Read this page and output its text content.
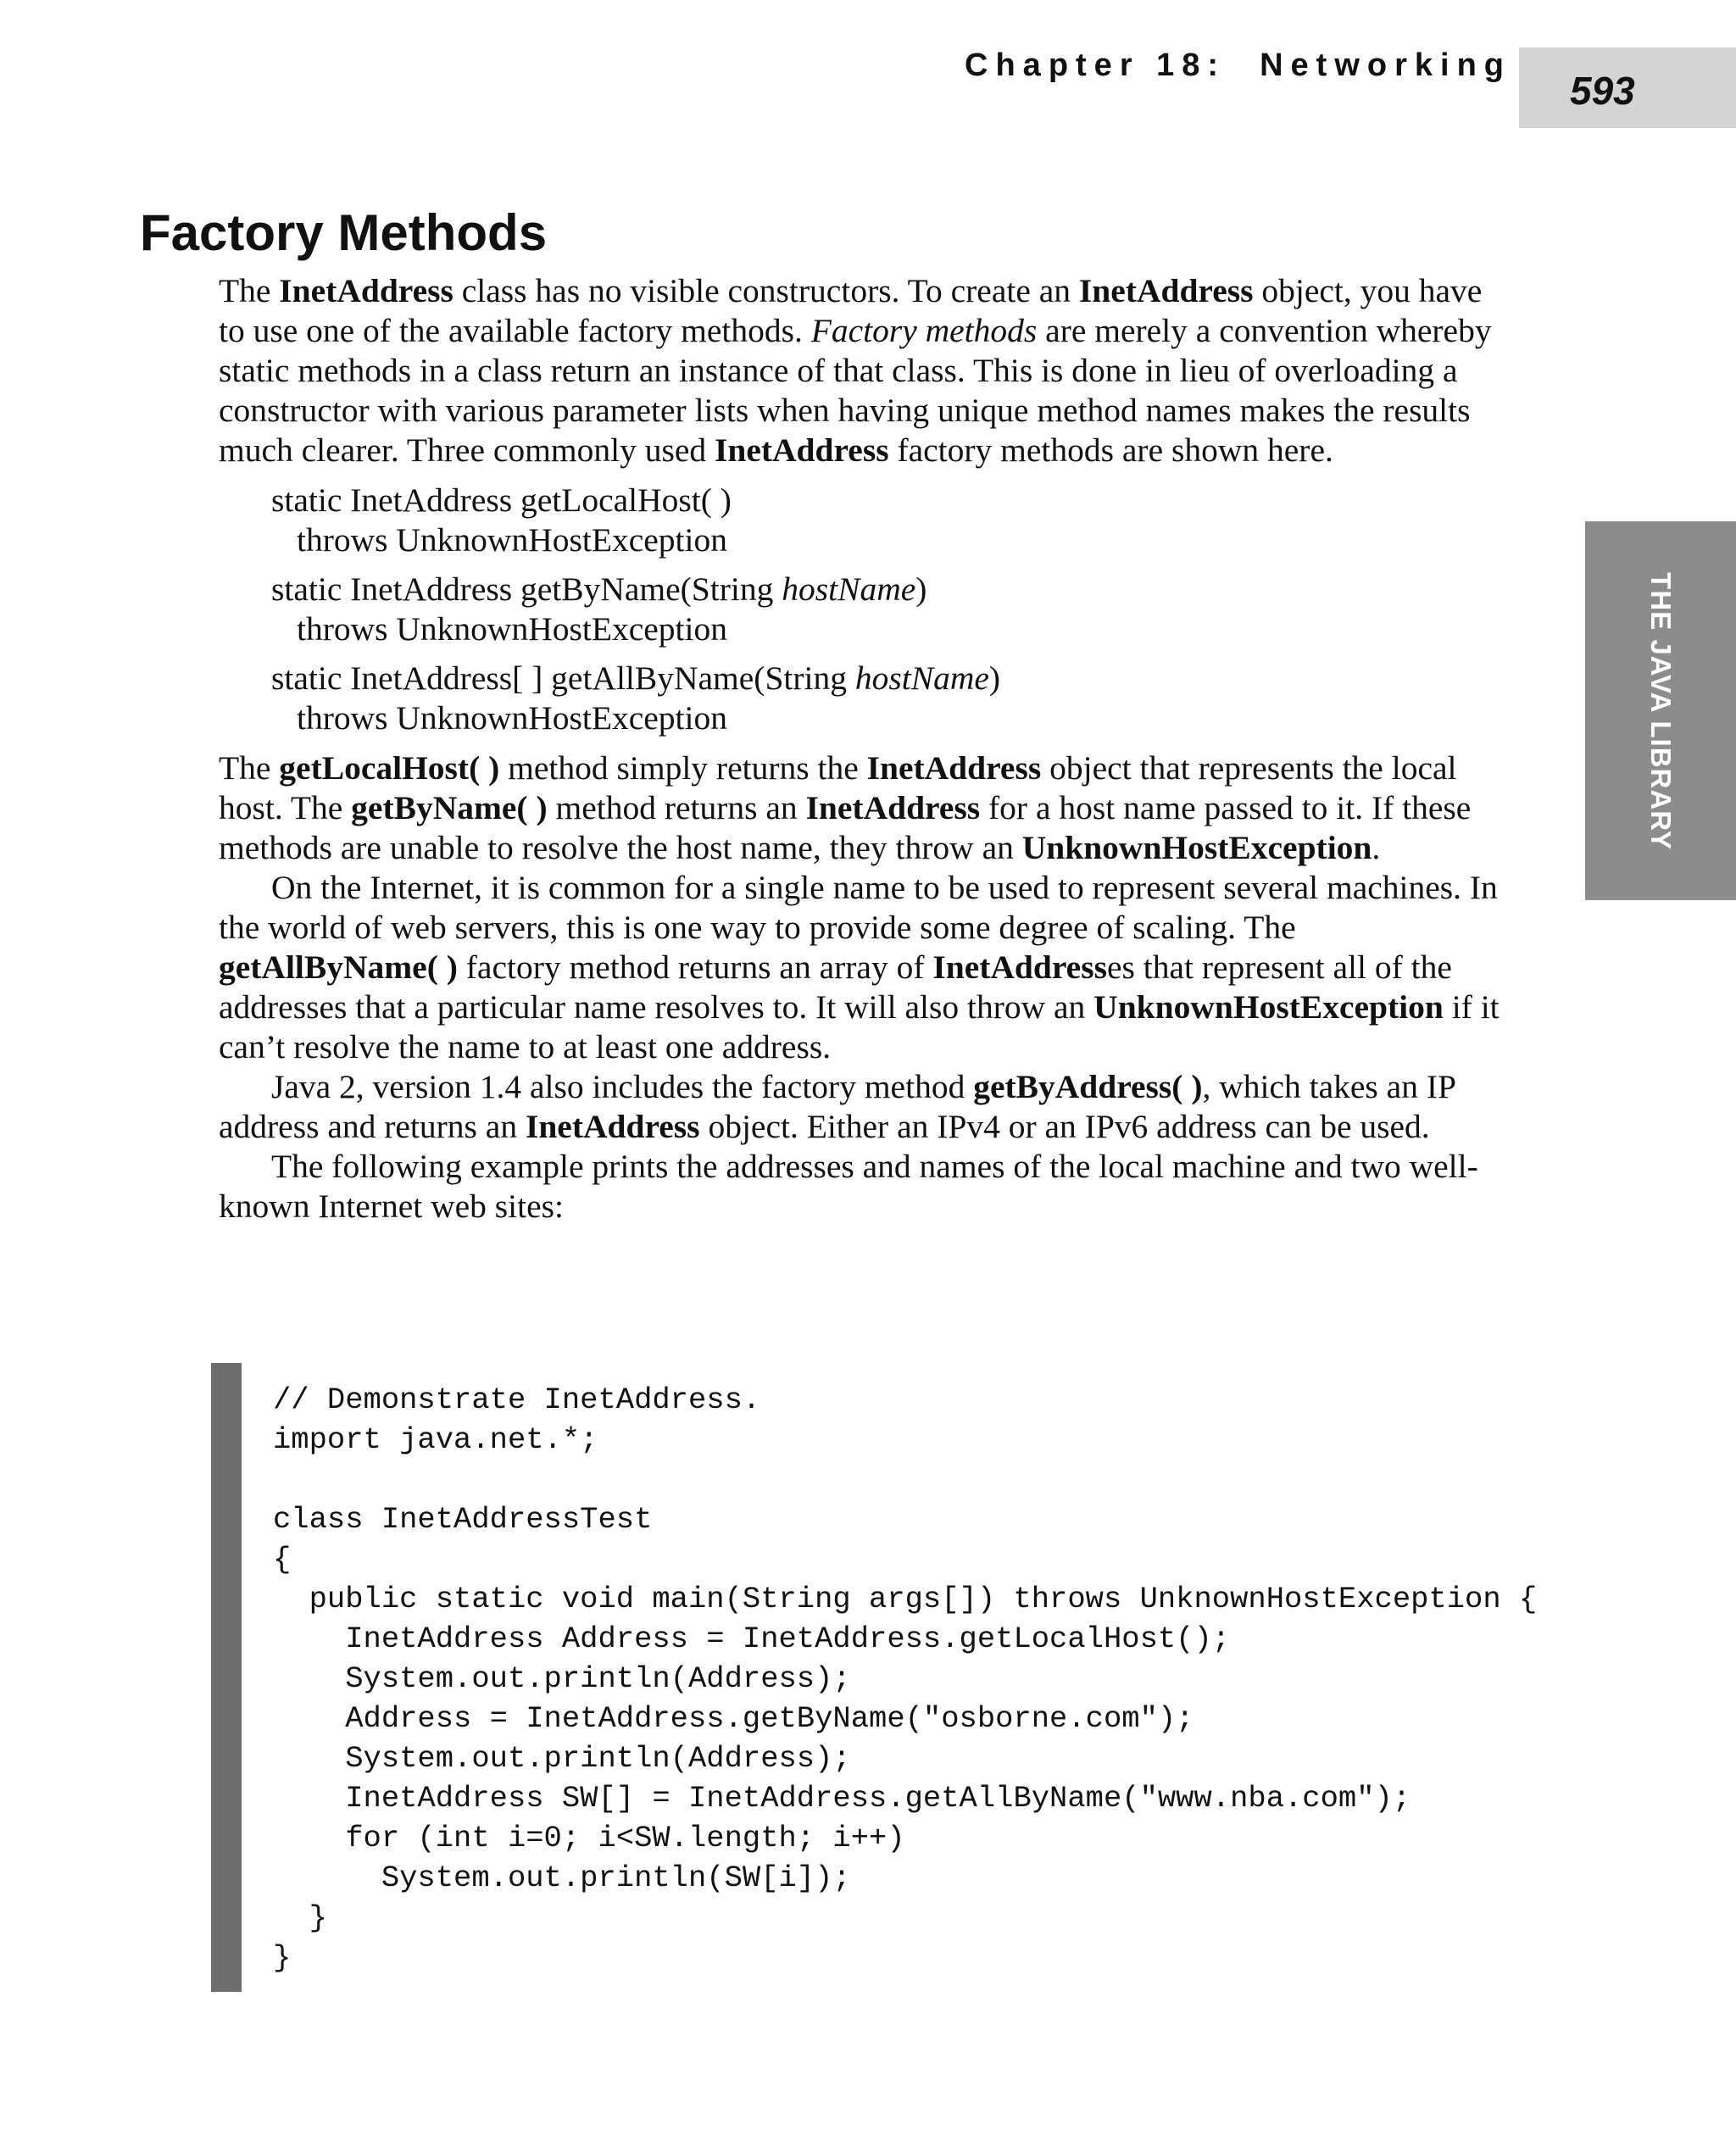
Chapter 18: Networking
593
THE JAVA LIBRARY
Factory Methods

The InetAddress class has no visible constructors. To create an InetAddress object, you have to use one of the available factory methods. Factory methods are merely a convention whereby static methods in a class return an instance of that class. This is done in lieu of overloading a constructor with various parameter lists when having unique method names makes the results much clearer. Three commonly used InetAddress factory methods are shown here.

static InetAddress getLocalHost( )
throws UnknownHostException
static InetAddress getByName(String hostName)
throws UnknownHostException
static InetAddress[ ] getAllByName(String hostName)
throws UnknownHostException

The getLocalHost( ) method simply returns the InetAddress object that represents the local host. The getByName( ) method returns an InetAddress for a host name passed to it. If these methods are unable to resolve the host name, they throw an UnknownHostException.

On the Internet, it is common for a single name to be used to represent several machines. In the world of web servers, this is one way to provide some degree of scaling. The getAllByName( ) factory method returns an array of InetAddresses that represent all of the addresses that a particular name resolves to. It will also throw an UnknownHostException if it can’t resolve the name to at least one address.

Java 2, version 1.4 also includes the factory method getByAddress( ), which takes an IP address and returns an InetAddress object. Either an IPv4 or an IPv6 address can be used.

The following example prints the addresses and names of the local machine and two well-known Internet web sites:

// Demonstrate InetAddress.
import java.net.*;
class InetAddressTest
{
public static void main(String args[]) throws UnknownHostException {
InetAddress Address = InetAddress.getLocalHost();
System.out.println(Address);
Address = InetAddress.getByName("osborne.com");
System.out.println(Address);
InetAddress SW[] = InetAddress.getAllByName("www.nba.com");
for (int i=0; i<SW.length; i++)
System.out.println(SW[i]);
}
}
